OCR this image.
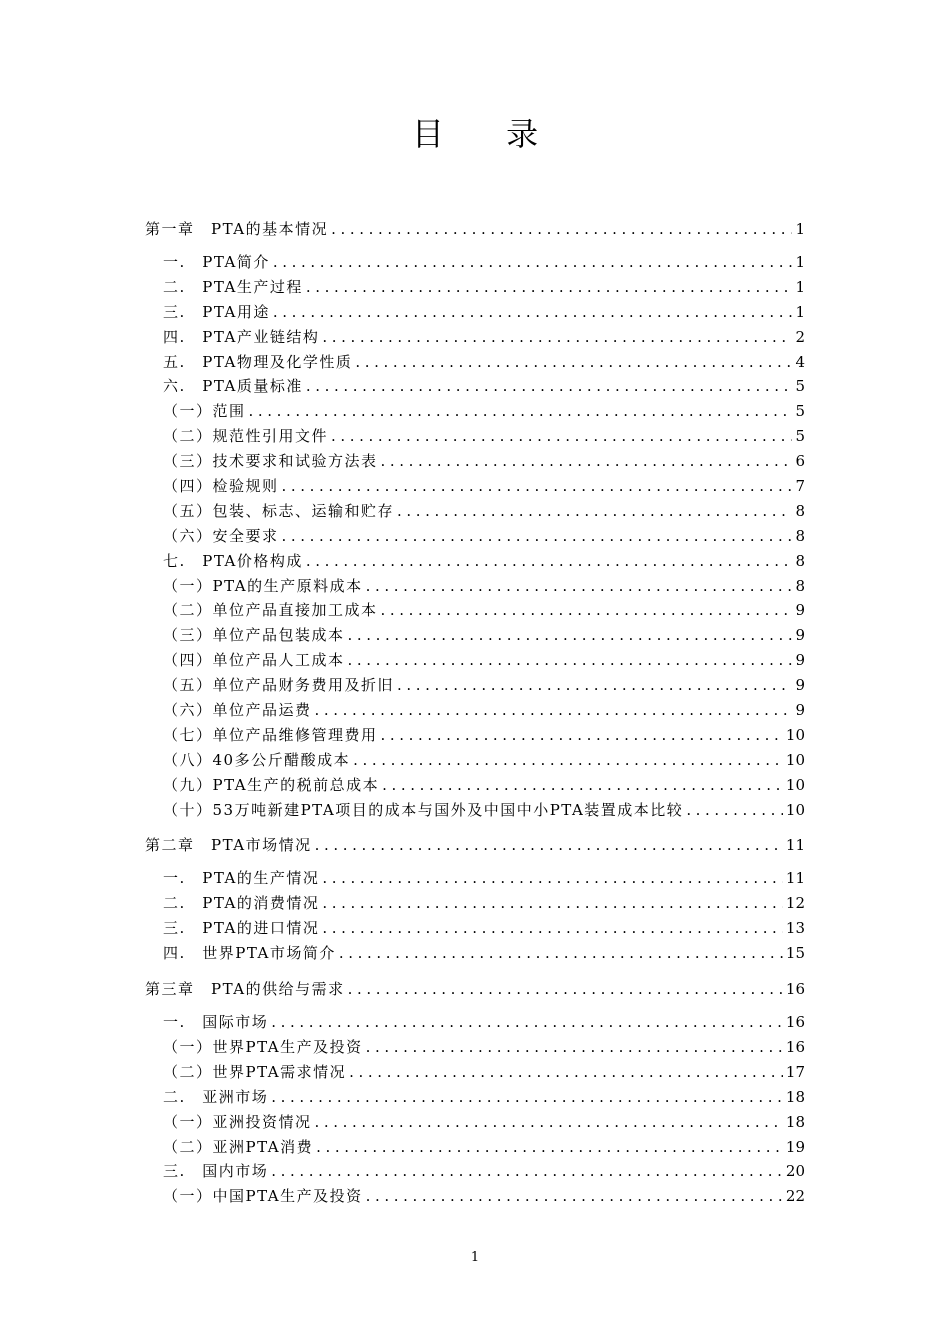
目 录
第一章　PTA的基本情况 .....	1
一.　PTA简介 .....	1
二.　PTA生产过程 .....	1
三.　PTA用途 .....	1
四.　PTA产业链结构 .....	2
五.　PTA物理及化学性质 .....	4
六.　PTA质量标准 .....	5
（一）范围 .....	5
（二）规范性引用文件 .....	5
（三）技术要求和试验方法表 .....	6
（四）检验规则 .....	7
（五）包装、标志、运输和贮存 .....	8
（六）安全要求 .....	8
七.　PTA价格构成 .....	8
（一）PTA的生产原料成本 .....	8
（二）单位产品直接加工成本 .....	9
（三）单位产品包装成本 .....	9
（四）单位产品人工成本 .....	9
（五）单位产品财务费用及折旧 .....	9
（六）单位产品运费 .....	9
（七）单位产品维修管理费用 .....	10
（八）40多公斤醋酸成本 .....	10
（九）PTA生产的税前总成本 .....	10
（十）53万吨新建PTA项目的成本与国外及中国中小PTA装置成本比较 .....	10
第二章　PTA市场情况 .....	11
一.　PTA的生产情况 .....	11
二.　PTA的消费情况 .....	12
三.　PTA的进口情况 .....	13
四.　世界PTA市场简介 .....	15
第三章　PTA的供给与需求 .....	16
一.　国际市场 .....	16
（一）世界PTA生产及投资 .....	16
（二）世界PTA需求情况 .....	17
二.　亚洲市场 .....	18
（一）亚洲投资情况 .....	18
（二）亚洲PTA消费 .....	19
三.　国内市场 .....	20
（一）中国PTA生产及投资 .....	22
1
